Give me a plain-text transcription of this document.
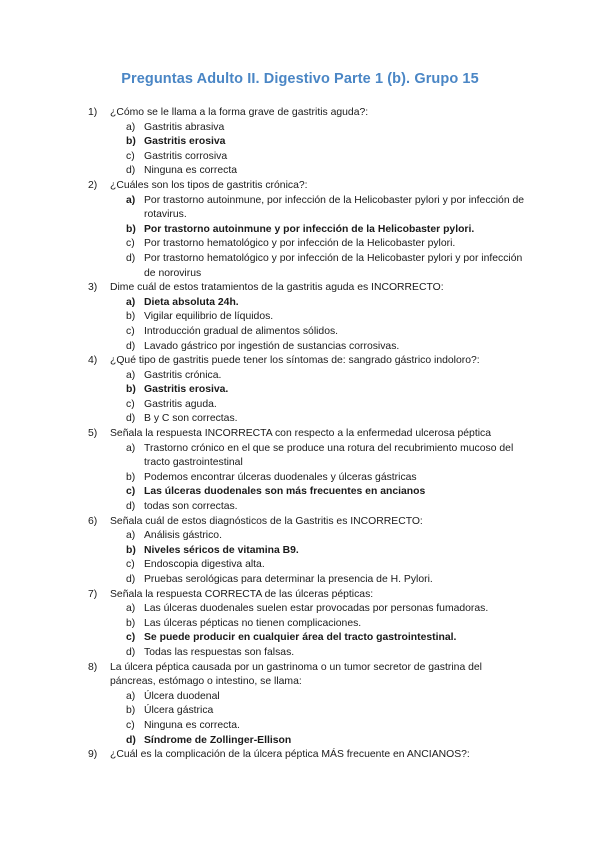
Preguntas Adulto II. Digestivo Parte 1 (b). Grupo 15
1) ¿Cómo se le llama a la forma grave de gastritis aguda?:
a) Gastritis abrasiva
b) Gastritis erosiva
c) Gastritis corrosiva
d) Ninguna es correcta
2) ¿Cuáles son los tipos de gastritis crónica?:
a) Por trastorno autoinmune, por infección de la Helicobaster pylori y por infección de rotavirus.
b) Por trastorno autoinmune y por infección de la Helicobaster pylori.
c) Por trastorno hematológico y por infección de la Helicobaster pylori.
d) Por trastorno hematológico y por infección de la Helicobaster pylori y por infección de norovirus
3) Dime cuál de estos tratamientos de la gastritis aguda es INCORRECTO:
a) Dieta absoluta 24h.
b) Vigilar equilibrio de líquidos.
c) Introducción gradual de alimentos sólidos.
d) Lavado gástrico por ingestión de sustancias corrosivas.
4) ¿Qué tipo de gastritis puede tener los síntomas de: sangrado gástrico indoloro?:
a) Gastritis crónica.
b) Gastritis erosiva.
c) Gastritis aguda.
d) B y C son correctas.
5) Señala la respuesta INCORRECTA con respecto a la enfermedad ulcerosa péptica
a) Trastorno crónico en el que se produce una rotura del recubrimiento mucoso del tracto gastrointestinal
b) Podemos encontrar úlceras duodenales y úlceras gástricas
c) Las úlceras duodenales son más frecuentes en ancianos
d) todas son correctas.
6) Señala cuál de estos diagnósticos de la Gastritis es INCORRECTO:
a) Análisis gástrico.
b) Niveles séricos de vitamina B9.
c) Endoscopia digestiva alta.
d) Pruebas serológicas para determinar la presencia de H. Pylori.
7) Señala la respuesta CORRECTA de las úlceras pépticas:
a) Las úlceras duodenales suelen estar provocadas por personas fumadoras.
b) Las úlceras pépticas no tienen complicaciones.
c) Se puede producir en cualquier área del tracto gastrointestinal.
d) Todas las respuestas son falsas.
8) La úlcera péptica causada por un gastrinoma o un tumor secretor de gastrina del páncreas, estómago o intestino, se llama:
a) Úlcera duodenal
b) Úlcera gástrica
c) Ninguna es correcta.
d) Síndrome de Zollinger-Ellison
9) ¿Cuál es la complicación de la úlcera péptica MÁS frecuente en ANCIANOS?:
